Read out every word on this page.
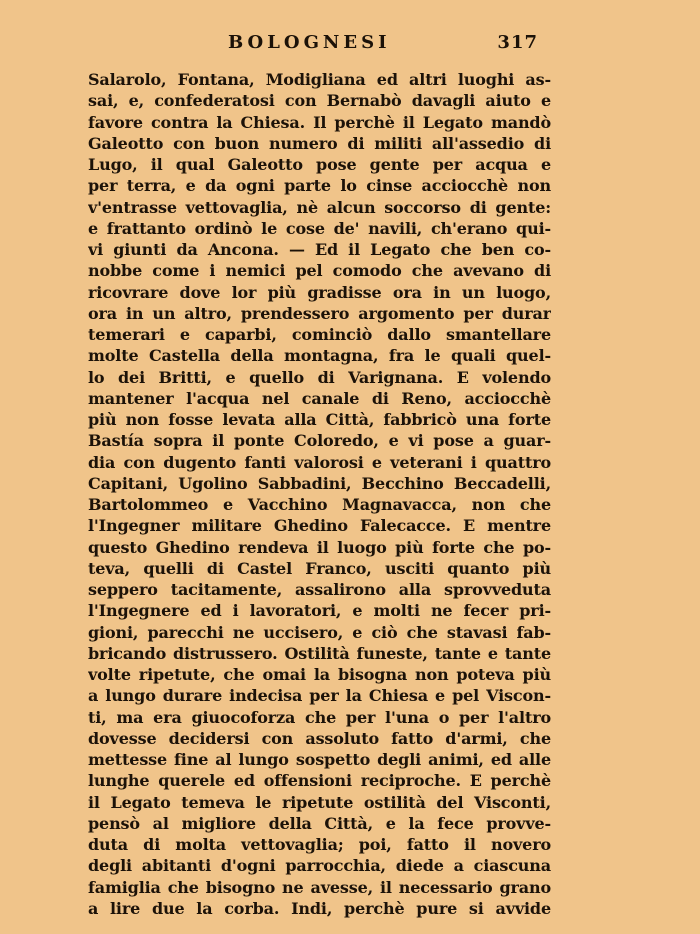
BOLOGNESI	317
Salarolo, Fontana, Modigliana ed altri luoghi as-
sai, e, confederatosi con Bernabò davagli aiuto e
favore contra la Chiesa. Il perchè il Legato mandò
Galeotto con buon numero di militi all'assedio di
Lugo, il qual Galeotto pose gente per acqua e
per terra, e da ogni parte lo cinse acciocchè non
v'entrasse vettovaglia, nè alcun soccorso di gente:
e frattanto ordinò le cose de' navili, ch'erano qui-
vi giunti da Ancona. — Ed il Legato che ben co-
nobbe come i nemici pel comodo che avevano di
ricovrare dove lor più gradisse ora in un luogo,
ora in un altro, prendessero argomento per durar
temerari e caparbi, cominciò dallo smantellare
molte Castella della montagna, fra le quali quel-
lo dei Britti, e quello di Varignana. E volendo
mantener l'acqua nel canale di Reno, acciocchè
più non fosse levata alla Città, fabbricò una forte
Bastía sopra il ponte Coloredo, e vi pose a guar-
dia con dugento fanti valorosi e veterani i quattro
Capitani, Ugolino Sabbadini, Becchino Beccadelli,
Bartolommeo e Vacchino Magnavacca, non che
l'Ingegner militare Ghedino Falecacce. E mentre
questo Ghedino rendeva il luogo più forte che po-
teva, quelli di Castel Franco, usciti quanto più
seppero tacitamente, assalirono alla sprovveduta
l'Ingegnere ed i lavoratori, e molti ne fecer pri-
gioni, parecchi ne uccisero, e ciò che stavasi fab-
bricando distrussero. Ostilità funeste, tante e tante
volte ripetute, che omai la bisogna non poteva più
a lungo durare indecisa per la Chiesa e pel Viscon-
ti, ma era giuocoforza che per l'una o per l'altro
dovesse decidersi con assoluto fatto d'armi, che
mettesse fine al lungo sospetto degli animi, ed alle
lunghe querele ed offensioni reciproche. E perchè
il Legato temeva le ripetute ostilità del Visconti,
pensò al migliore della Città, e la fece provve-
duta di molta vettovaglia; poi, fatto il novero
degli abitanti d'ogni parrocchia, diede a ciascuna
famiglia che bisogno ne avesse, il necessario grano
a lire due la corba. Indi, perchè pure si avvide
